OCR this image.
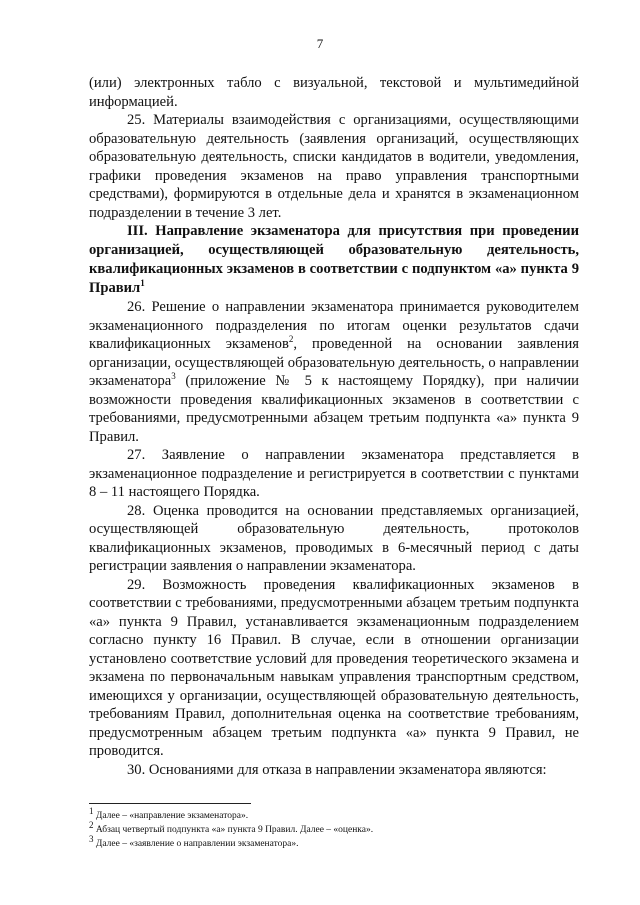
7

(или) электронных табло с визуальной, текстовой и мультимедийной информацией.

25. Материалы взаимодействия с организациями, осуществляющими образовательную деятельность (заявления организаций, осуществляющих образовательную деятельность, списки кандидатов в водители, уведомления, графики проведения экзаменов на право управления транспортными средствами), формируются в отдельные дела и хранятся в экзаменационном подразделении в течение 3 лет.

III. Направление экзаменатора для присутствия при проведении организацией, осуществляющей образовательную деятельность, квалификационных экзаменов в соответствии с подпунктом «а» пункта 9 Правил$^1$

26. Решение о направлении экзаменатора принимается руководителем экзаменационного подразделения по итогам оценки результатов сдачи квалификационных экзаменов$^2$, проведенной на основании заявления организации, осуществляющей образовательную деятельность, о направлении экзаменатора$^3$ (приложение № 5 к настоящему Порядку), при наличии возможности проведения квалификационных экзаменов в соответствии с требованиями, предусмотренными абзацем третьим подпункта «а» пункта 9 Правил.

27. Заявление о направлении экзаменатора представляется в экзаменационное подразделение и регистрируется в соответствии с пунктами 8 – 11 настоящего Порядка.

28. Оценка проводится на основании представляемых организацией, осуществляющей образовательную деятельность, протоколов квалификационных экзаменов, проводимых в 6-месячный период с даты регистрации заявления о направлении экзаменатора.

29. Возможность проведения квалификационных экзаменов в соответствии с требованиями, предусмотренными абзацем третьим подпункта «а» пункта 9 Правил, устанавливается экзаменационным подразделением согласно пункту 16 Правил. В случае, если в отношении организации установлено соответствие условий для проведения теоретического экзамена и экзамена по первоначальным навыкам управления транспортным средством, имеющихся у организации, осуществляющей образовательную деятельность, требованиям Правил, дополнительная оценка на соответствие требованиям, предусмотренным абзацем третьим подпункта «а» пункта 9 Правил, не проводится.

30. Основаниями для отказа в направлении экзаменатора являются:

$^1$ Далее – «направление экзаменатора».
$^2$ Абзац четвертый подпункта «а» пункта 9 Правил. Далее – «оценка».
$^3$ Далее – «заявление о направлении экзаменатора».
